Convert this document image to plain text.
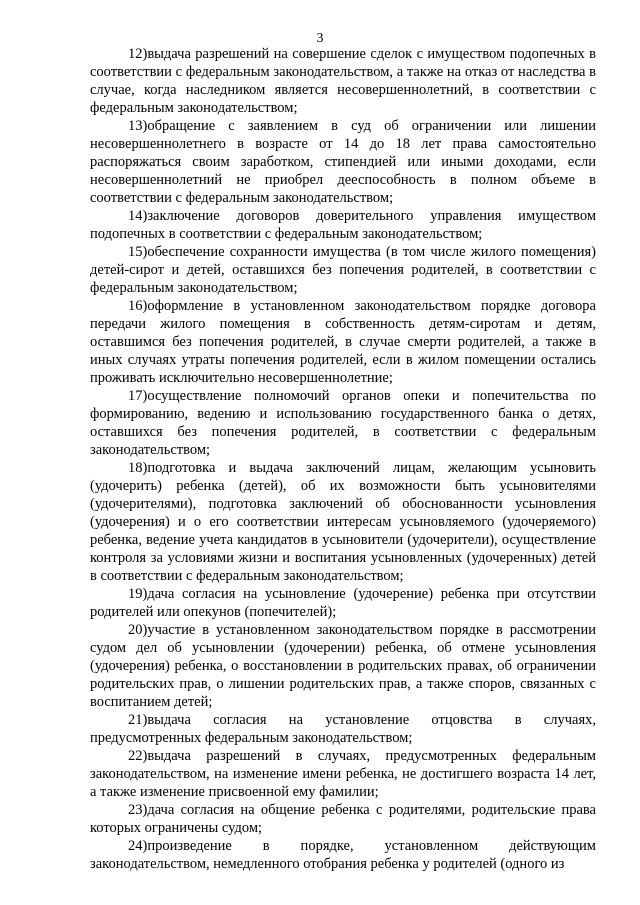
3

12)выдача разрешений на совершение сделок с имуществом подопечных в соответствии с федеральным законодательством, а также на отказ от наследства в случае, когда наследником является несовершеннолетний, в соответствии с федеральным законодательством;

13)обращение с заявлением в суд об ограничении или лишении несовершеннолетнего в возрасте от 14 до 18 лет права самостоятельно распоряжаться своим заработком, стипендией или иными доходами, если несовершеннолетний не приобрел дееспособность в полном объеме в соответствии с федеральным законодательством;

14)заключение договоров доверительного управления имуществом подопечных в соответствии с федеральным законодательством;

15)обеспечение сохранности имущества (в том числе жилого помещения) детей-сирот и детей, оставшихся без попечения родителей, в соответствии с федеральным законодательством;

16)оформление в установленном законодательством порядке договора передачи жилого помещения в собственность детям-сиротам и детям, оставшимся без попечения родителей, в случае смерти родителей, а также в иных случаях утраты попечения родителей, если в жилом помещении остались проживать исключительно несовершеннолетние;

17)осуществление полномочий органов опеки и попечительства по формированию, ведению и использованию государственного банка о детях, оставшихся без попечения родителей, в соответствии с федеральным законодательством;

18)подготовка и выдача заключений лицам, желающим усыновить (удочерить) ребенка (детей), об их возможности быть усыновителями (удочерителями), подготовка заключений об обоснованности усыновления (удочерения) и о его соответствии интересам усыновляемого (удочеряемого) ребенка, ведение учета кандидатов в усыновители (удочерители), осуществление контроля за условиями жизни и воспитания усыновленных (удочеренных) детей в соответствии с федеральным законодательством;

19)дача согласия на усыновление (удочерение) ребенка при отсутствии родителей или опекунов (попечителей);

20)участие в установленном законодательством порядке в рассмотрении судом дел об усыновлении (удочерении) ребенка, об отмене усыновления (удочерения) ребенка, о восстановлении в родительских правах, об ограничении родительских прав, о лишении родительских прав, а также споров, связанных с воспитанием детей;

21)выдача согласия на установление отцовства в случаях, предусмотренных федеральным законодательством;

22)выдача разрешений в случаях, предусмотренных федеральным законодательством, на изменение имени ребенка, не достигшего возраста 14 лет, а также изменение присвоенной ему фамилии;

23)дача согласия на общение ребенка с родителями, родительские права которых ограничены судом;

24)произведение в порядке, установленном действующим законодательством, немедленного отобрания ребенка у родителей (одного из
